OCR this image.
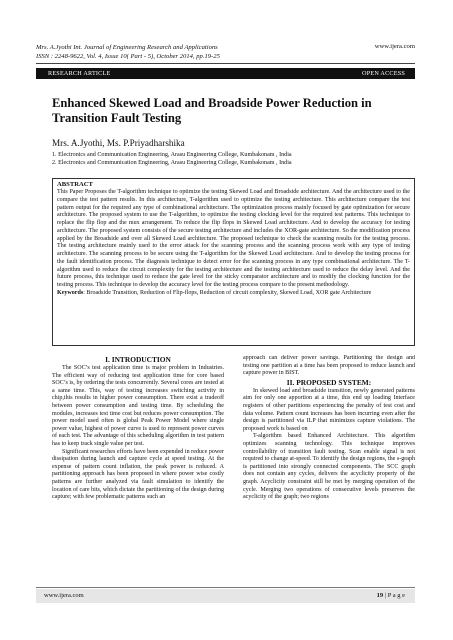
Mrs. A.Jyothi Int. Journal of Engineering Research and Applications
ISSN : 2248-9622, Vol. 4, Issue 10( Part - 5), October 2014, pp.19-25
www.ijera.com
RESEARCH ARTICLE	OPEN ACCESS
Enhanced Skewed Load and Broadside Power Reduction in Transition Fault Testing
Mrs. A.Jyothi, Ms. P.Priyadharshika
1. Electronics and Communication Engineering, Arasu Engineering College, Kumbakonam , India
2. Electronics and Communication Engineering, Arasu Engineering College, Kumbakonam , India
ABSTRACT

This Paper Proposes the T-algorithm technique to optimize the testing Skewed Load and Broadside architecture. And the architecture used to the compare the test pattern results. In this architecture, T-algorithm used to optimize the testing architecture. This architecture compare the test pattern output for the required any type of combinational architecture. The optimization process mainly focused by gate optimization for secure architecture. The proposed system to use the T-algorithm, to optimize the testing clocking level for the required test patterns. This technique to replace the flip flop and the mux arrangement. To reduce the flip flops in Skewed Load architecture. And to develop the accuracy for testing architecture. The proposed system consists of the secure testing architecture and includes the XOR-gate architecture. So the modification process applied by the Broadside and over all Skewed Load architecture. The proposed technique to check the scanning results for the testing process. The testing architecture mainly used to the error attack for the scanning process and the scanning process work with any type of testing architecture. The scanning process to be secure using the T-algorithm for the Skewed Load architecture. And to develop the testing process for the fault identification process. The diagnosis technique to detect error for the scanning process in any type combinational architecture. The T-algorithm used to reduce the circuit complexity for the testing architecture and the testing architecture used to reduce the delay level. And the future process, this technique used to reduce the gate level for the sticky comparator architecture and to modify the clocking function for the testing process. This technique to develop the accuracy level for the testing process compare to the present methodology.

Keywords: Broadside Transition, Reduction of Flip-flops, Reduction of circuit complexity, Skewed Load, XOR gate Architecture

I. INTRODUCTION

The SOC’s test application time is major problem in Industries. The efficient way of reducing test application time for core based SOC’s is, by ordering the tests concurrently. Several cores are tested at a same time. This, way of testing increases switching activity in chip,this results in higher power consumption. There exist a tradeoff between power consumption and testing time. By scheduling the modules, increases test time cost but reduces power consumption. The power model used often is global Peak Power Model where single power value, highest of power curve is used to represent power curves of each test. The advantage of this scheduling algorithm in test pattern has to keep track single value per test.

Significant researches efforts have been expended in reduce power dissipation during launch and capture cycle at speed testing. At the expense of pattern count inflation, the peak power is reduced. A partitioning approach has been proposed in where power wise costly patterns are further analyzed via fault simulation to identify the location of care bits, which dictate the partitioning of the design during capture; with few problematic patterns such an

approach can deliver power savings. Partitioning the design and testing one partition at a time has been proposed to reduce launch and capture power in BIST.

II. PROPOSED SYSTEM:

In skewed load and broadside transition, newly generated patterns aim for only one apportion at a time, this end up loading Interface registers of other partitions experiencing the penalty of test cost and data volume. Pattern count increases has been incurring even after the design is partitioned via ILP that minimizes capture violations. The proposed work is based on

T-algorithm based Enhanced Architecture. This algorithm optimizes scanning technology. This technique improves controllability of transition fault testing. Scan enable signal is not required to change at-speed. To identify the design regions, the s-graph is partitioned into strongly connected components. The SCC graph does not contain any cycles, delivers the acyclicity property of the graph. Acyclicity constraint still be met by merging operation of the cycle. Merging two operations of consecutive levels preserves the acyclicity of the graph; two regions

www.ijera.com	19 | P a g e
